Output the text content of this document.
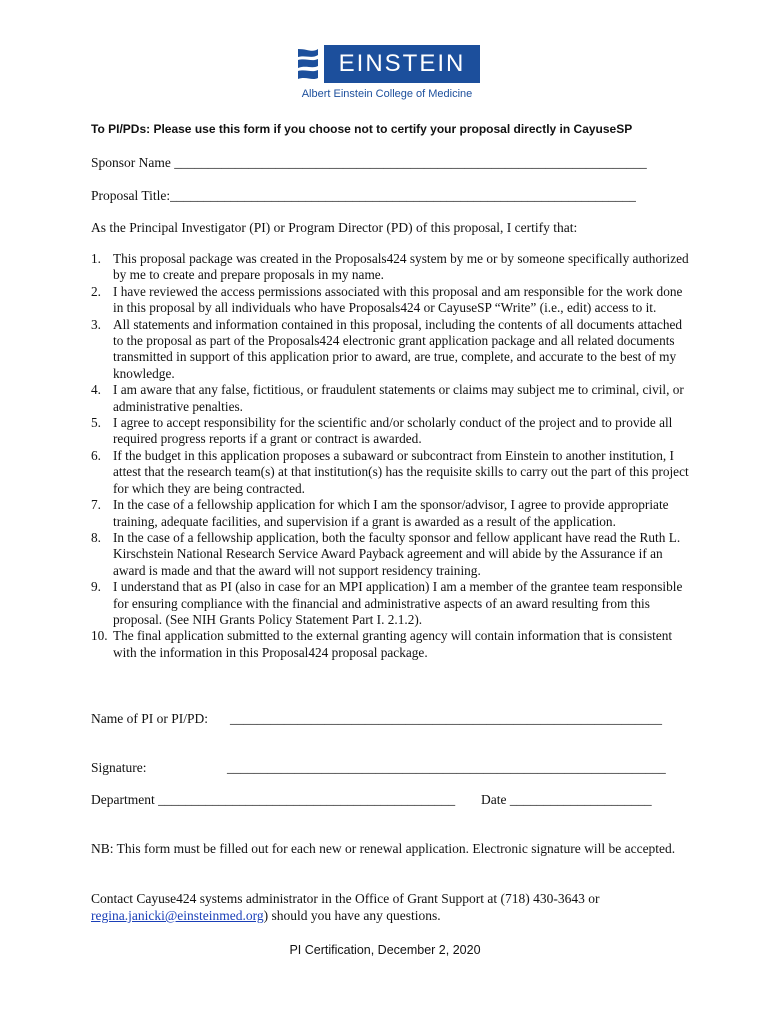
EINSTEIN
Albert Einstein College of Medicine
To PI/PDs: Please use this form if you choose not to certify your proposal directly in CayuseSP
Sponsor Name ______________________________________________________________________
Proposal Title:_____________________________________________________________________
As the Principal Investigator (PI) or Program Director (PD) of this proposal, I certify that:
1. This proposal package was created in the Proposals424 system by me or by someone specifically authorized by me to create and prepare proposals in my name.
2. I have reviewed the access permissions associated with this proposal and am responsible for the work done in this proposal by all individuals who have Proposals424 or CayuseSP “Write” (i.e., edit) access to it.
3. All statements and information contained in this proposal, including the contents of all documents attached to the proposal as part of the Proposals424 electronic grant application package and all related documents transmitted in support of this application prior to award, are true, complete, and accurate to the best of my knowledge.
4. I am aware that any false, fictitious, or fraudulent statements or claims may subject me to criminal, civil, or administrative penalties.
5. I agree to accept responsibility for the scientific and/or scholarly conduct of the project and to provide all required progress reports if a grant or contract is awarded.
6. If the budget in this application proposes a subaward or subcontract from Einstein to another institution, I attest that the research team(s) at that institution(s) has the requisite skills to carry out the part of this project for which they are being contracted.
7. In the case of a fellowship application for which I am the sponsor/advisor, I agree to provide appropriate training, adequate facilities, and supervision if a grant is awarded as a result of the application.
8. In the case of a fellowship application, both the faculty sponsor and fellow applicant have read the Ruth L. Kirschstein National Research Service Award Payback agreement and will abide by the Assurance if an award is made and that the award will not support residency training.
9. I understand that as PI (also in case for an MPI application) I am a member of the grantee team responsible for ensuring compliance with the financial and administrative aspects of an award resulting from this proposal. (See NIH Grants Policy Statement Part I. 2.1.2).
10. The final application submitted to the external granting agency will contain information that is consistent with the information in this Proposal424 proposal package.
Name of PI or PI/PD: ________________________________________________________________
Signature:	_________________________________________________________________
Department ____________________________________________ Date _____________________
NB: This form must be filled out for each new or renewal application. Electronic signature will be accepted.
Contact Cayuse424 systems administrator in the Office of Grant Support at (718) 430-3643 or
regina.janicki@einsteinmed.org) should you have any questions.
PI Certification, December 2, 2020
